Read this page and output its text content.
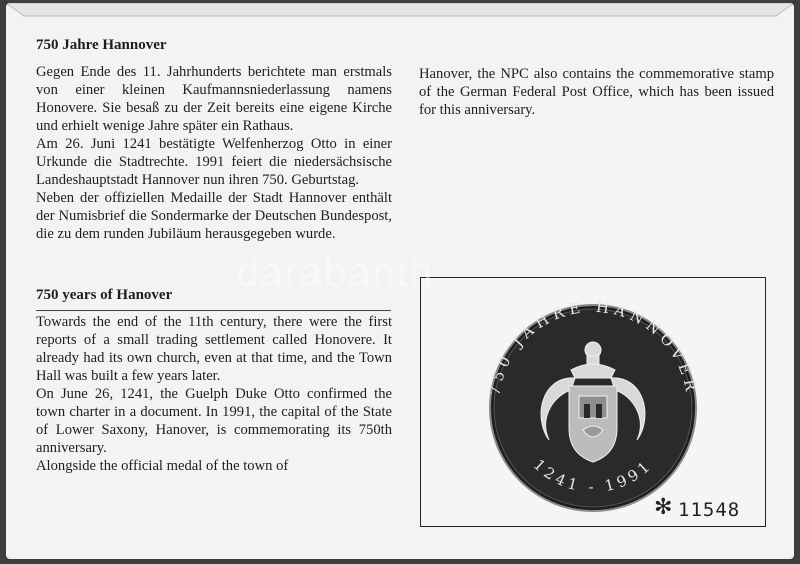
750 Jahre Hannover

Gegen Ende des 11. Jahrhunderts berichtete man erstmals von einer kleinen Kaufmannsniederlassung namens Honovere. Sie besaß zu der Zeit bereits eine eigene Kirche und erhielt wenige Jahre später ein Rathaus.

Am 26. Juni 1241 bestätigte Welfenherzog Otto in einer Urkunde die Stadtrechte. 1991 feiert die niedersächsische Landeshauptstadt Hannover nun ihren 750. Geburtstag.

Neben der offiziellen Medaille der Stadt Hannover enthält der Numisbrief die Sondermarke der Deutschen Bundespost, die zu dem runden Jubiläum herausgegeben wurde.

750 years of Hanover

Towards the end of the 11th century, there were the first reports of a small trading settlement called Honovere. It already had its own church, even at that time, and the Town Hall was built a few years later.

On June 26, 1241, the Guelph Duke Otto confirmed the town charter in a document. In 1991, the capital of the State of Lower Saxony, Hanover, is commemorating its 750th anniversary.

Alongside the official medal of the town of

Hanover, the NPC also contains the commemorative stamp of the German Federal Post Office, which has been issued for this anniversary.

750 JAHRE HANNOVER
1241 - 1991
✻ 11548
darabanth
